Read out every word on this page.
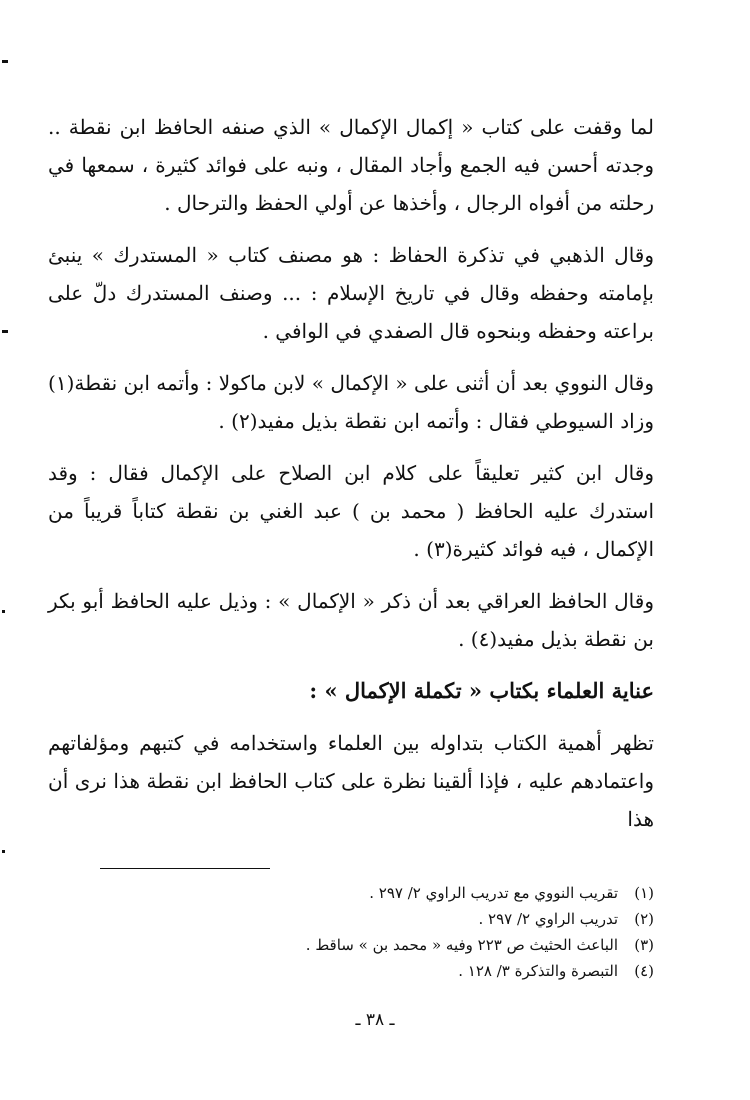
لما وقفت على كتاب « إكمال الإكمال » الذي صنفه الحافظ ابن نقطة .. وجدته أحسن فيه الجمع وأجاد المقال ، ونبه على فوائد كثيرة ، سمعها في رحلته من أفواه الرجال ، وأخذها عن أولي الحفظ والترحال .

وقال الذهبي في تذكرة الحفاظ : هو مصنف كتاب « المستدرك » ينبئ بإمامته وحفظه وقال في تاريخ الإسلام : ... وصنف المستدرك دلّ على براعته وحفظه وبنحوه قال الصفدي في الوافي .

وقال النووي بعد أن أثنى على « الإكمال » لابن ماكولا : وأتمه ابن نقطة(١) وزاد السيوطي فقال : وأتمه ابن نقطة بذيل مفيد(٢) .

وقال ابن كثير تعليقاً على كلام ابن الصلاح على الإكمال فقال : وقد استدرك عليه الحافظ ( محمد بن ) عبد الغني بن نقطة كتاباً قريباً من الإكمال ، فيه فوائد كثيرة(٣) .

وقال الحافظ العراقي بعد أن ذكر « الإكمال » : وذيل عليه الحافظ أبو بكر بن نقطة بذيل مفيد(٤) .

عناية العلماء بكتاب « تكملة الإكمال » :

تظهر أهمية الكتاب بتداوله بين العلماء واستخدامه في كتبهم ومؤلفاتهم واعتمادهم عليه ، فإذا ألقينا نظرة على كتاب الحافظ ابن نقطة هذا نرى أن هذا

(١)تقريب النووي مع تدريب الراوي ٢/ ٢٩٧ .
(٢)تدريب الراوي ٢/ ٢٩٧ .
(٣)الباعث الحثيث ص ٢٢٣ وفيه « محمد بن » ساقط .
(٤)التبصرة والتذكرة ٣/ ١٢٨ .
ـ ٣٨ ـ
